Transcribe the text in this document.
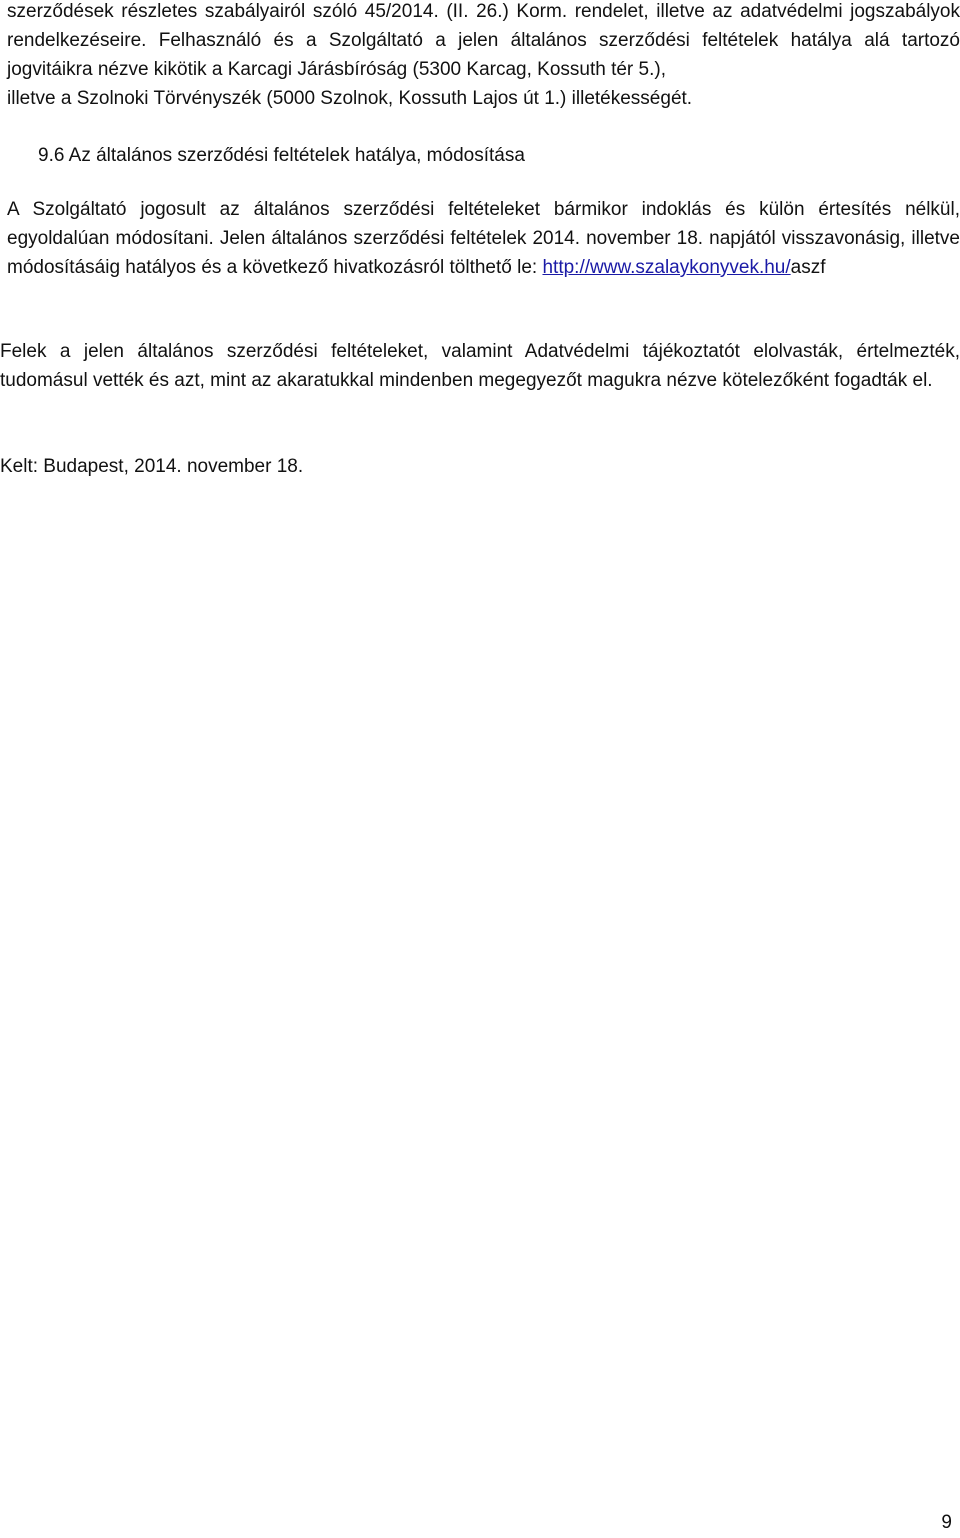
szerződések részletes szabályairól szóló 45/2014. (II. 26.) Korm. rendelet, illetve az adatvédelmi jogszabályok rendelkezéseire. Felhasználó és a Szolgáltató a jelen általános szerződési feltételek hatálya alá tartozó jogvitáikra nézve kikötik a Karcagi Járásbíróság (5300 Karcag, Kossuth tér 5.),
illetve a Szolnoki Törvényszék (5000 Szolnok, Kossuth Lajos út 1.) illetékességét.

9.6 Az általános szerződési feltételek hatálya, módosítása

A Szolgáltató jogosult az általános szerződési feltételeket bármikor indoklás és külön értesítés nélkül, egyoldalúan módosítani. Jelen általános szerződési feltételek 2014. november 18. napjától visszavonásig, illetve módosításáig hatályos és a következő hivatkozásról tölthető le: http://www.szalaykonyvek.hu/aszf

Felek a jelen általános szerződési feltételeket, valamint Adatvédelmi tájékoztatót elolvasták, értelmezték, tudomásul vették és azt, mint az akaratukkal mindenben megegyezőt magukra nézve kötelezőként fogadták el.

Kelt: Budapest, 2014. november 18.

9
